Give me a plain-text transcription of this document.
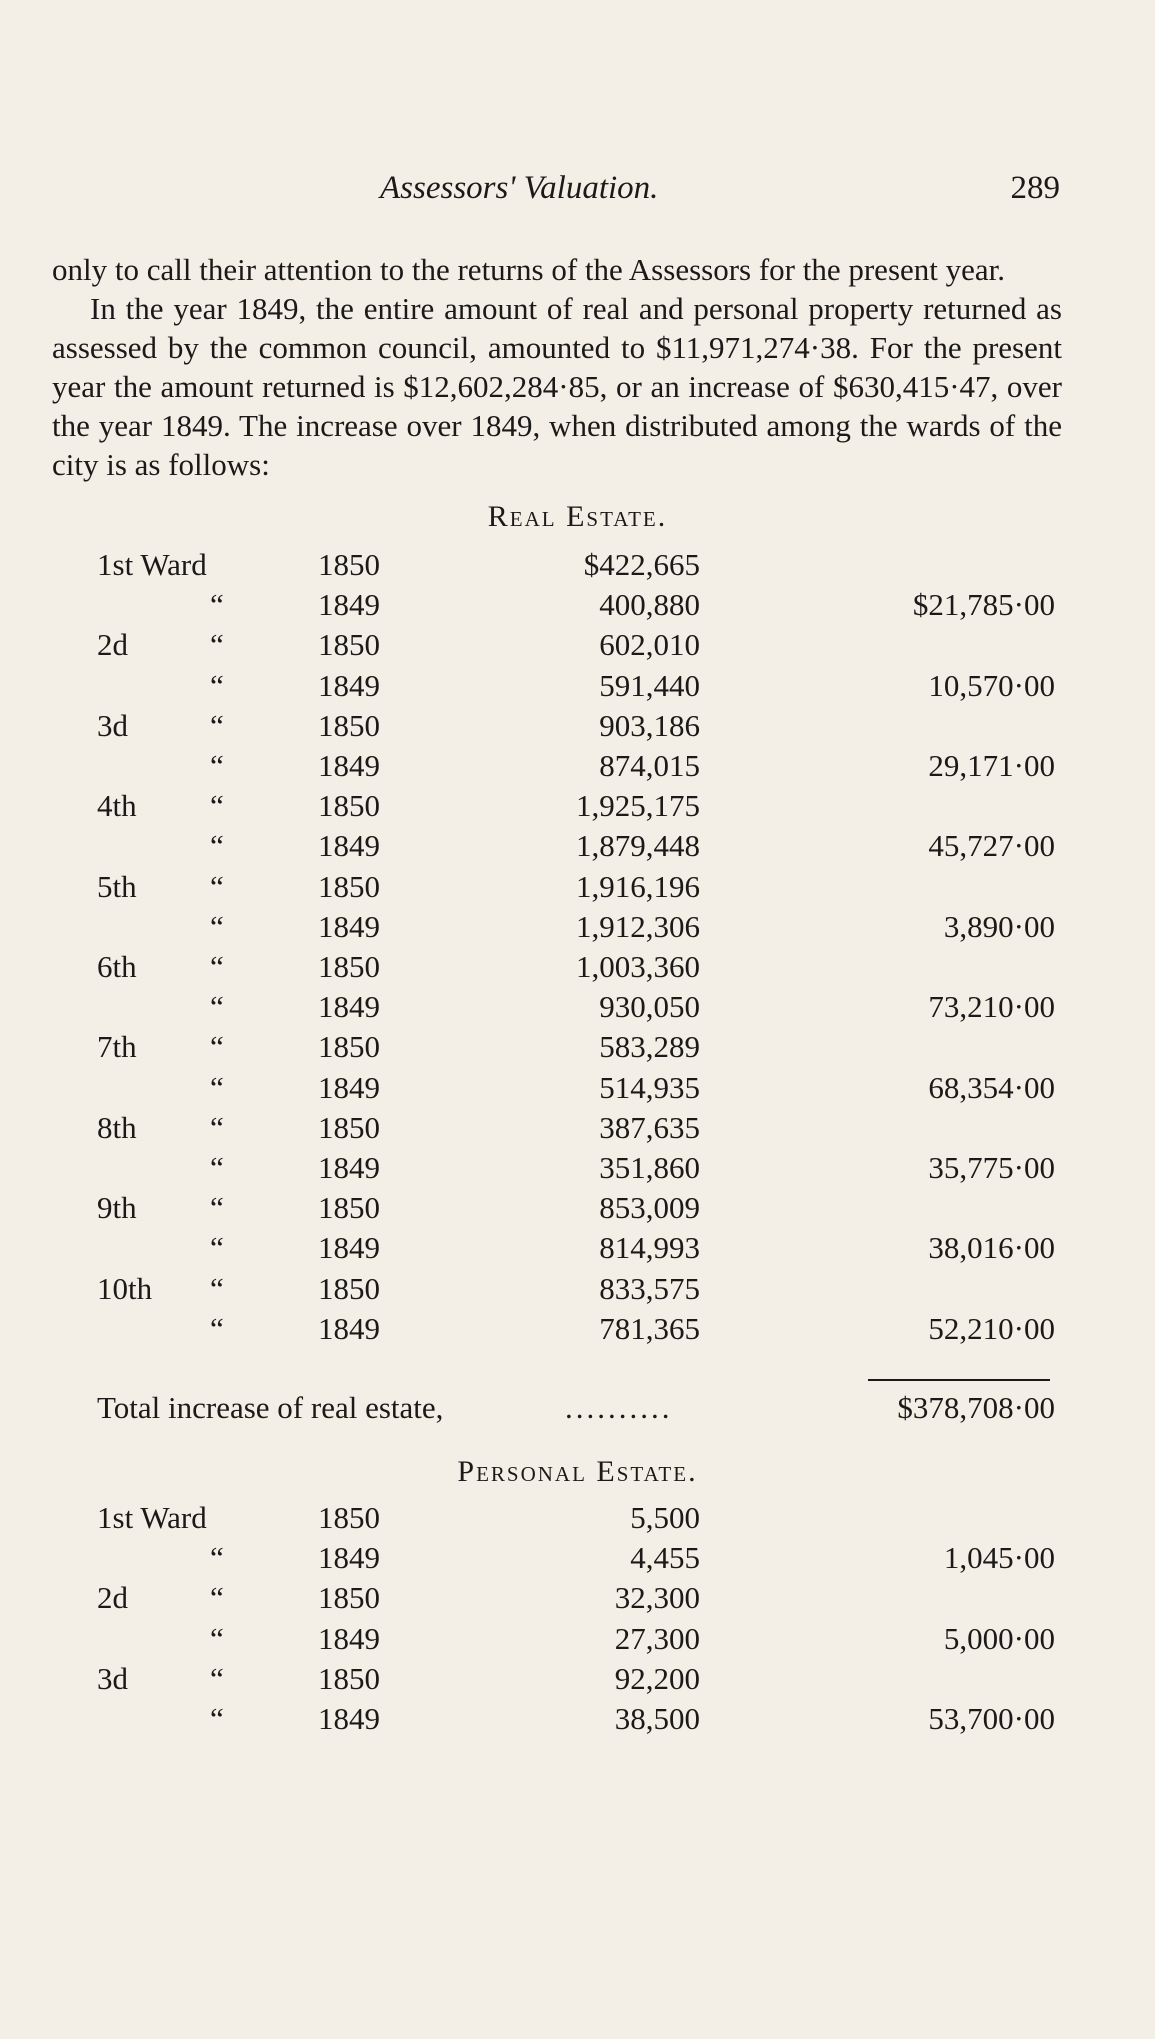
Assessors' Valuation.	289

only to call their attention to the returns of the Assessors for the present year.

In the year 1849, the entire amount of real and personal property returned as assessed by the common council, amounted to $11,971,274·38. For the present year the amount returned is $12,602,284·85, or an increase of $630,415·47, over the year 1849. The increase over 1849, when distributed among the wards of the city is as follows:

Real Estate.
1st Ward	1850	$422,665
“	1849	400,880	$21,785·00
2d	“	1850	602,010
“	1849	591,440	10,570·00
3d	“	1850	903,186
“	1849	874,015	29,171·00
4th “	1850	1,925,175
“	1849	1,879,448	45,727·00
5th “	1850	1,916,196
“	1849	1,912,306	3,890·00
6th “	1850	1,003,360
“	1849	930,050	73,210·00
7th “	1850	583,289
“	1849	514,935	68,354·00
8th “	1850	387,635
“	1849	351,860	35,775·00
9th “	1850	853,009
“	1849	814,993	38,016·00
10th “	1850	833,575
“	1849	781,365	52,210·00
Total increase of real estate,	..........	$378,708·00
Personal Estate.
1st Ward	1850	5,500
“	1849	4,455	1,045·00
2d	“	1850	32,300
“	1849	27,300	5,000·00
3d	“	1850	92,200
“	1849	38,500	53,700·00
